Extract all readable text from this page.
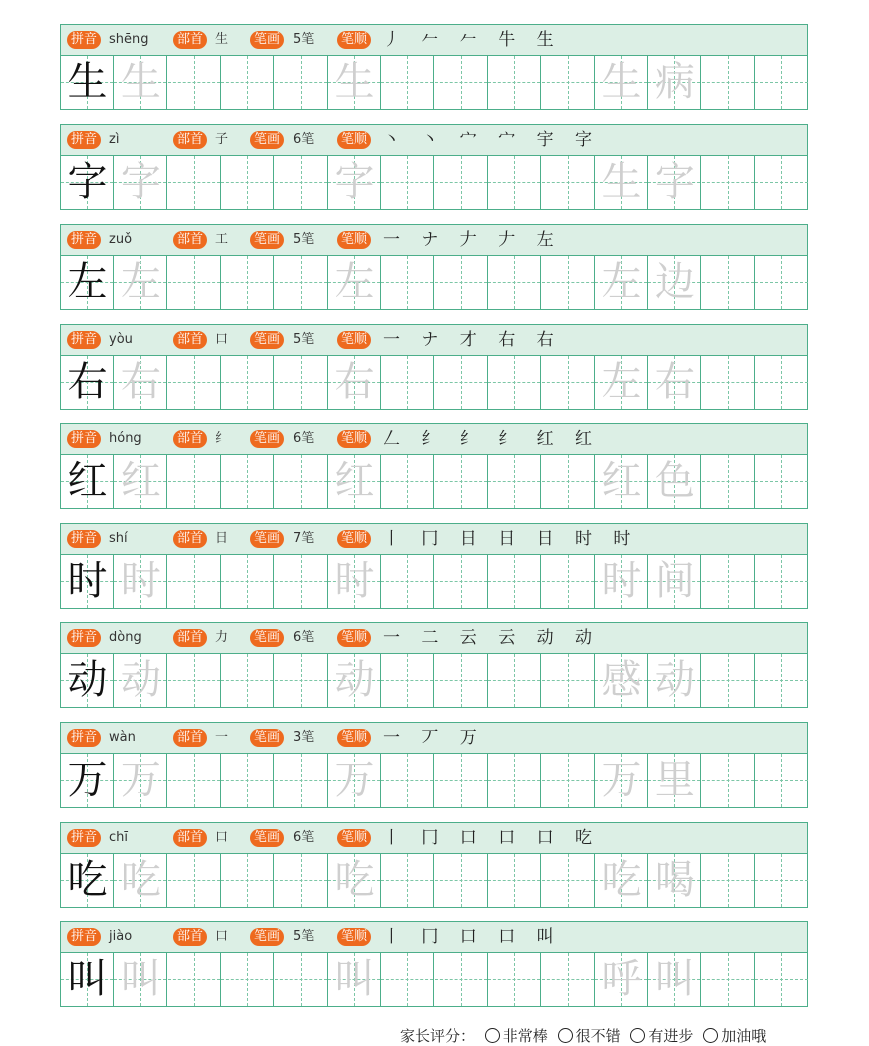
拼音 shēng	部首 生	笔画 5笔	笔顺 丿 𠂉 𠂉 牛 生
生 生	生	生 病
拼音 zì	部首 子	笔画 6笔	笔顺 丶 丶 宀 宀 宇 字
字 字	字	生 字
拼音 zuǒ	部首 工	笔画 5笔	笔顺 一 ナ 𠂇 𠂇 左
左 左	左	左 边
拼音 yòu	部首 口	笔画 5笔	笔顺 一 ナ 才 右 右
右 右	右	左 右
拼音 hóng	部首 纟	笔画 6笔	笔顺 𠃋 纟 纟 纟 红 红
红 红	红	红 色
拼音 shí	部首 日	笔画 7笔	笔顺 丨 冂 日 日 日 时 时
时 时	时	时 间
拼音 dòng	部首 力	笔画 6笔	笔顺 一 二 云 云 动 动
动 动	动	感 动
拼音 wàn	部首 一	笔画 3笔	笔顺 一 丆 万
万 万	万	万 里
拼音 chī	部首 口	笔画 6笔	笔顺 丨 冂 口 口 口 吃
吃 吃	吃	吃 喝
拼音 jiào	部首 口	笔画 5笔	笔顺 丨 冂 口 口 叫
叫 叫	叫	呼 叫
家长评分： 非常棒 很不错 有进步 加油哦
